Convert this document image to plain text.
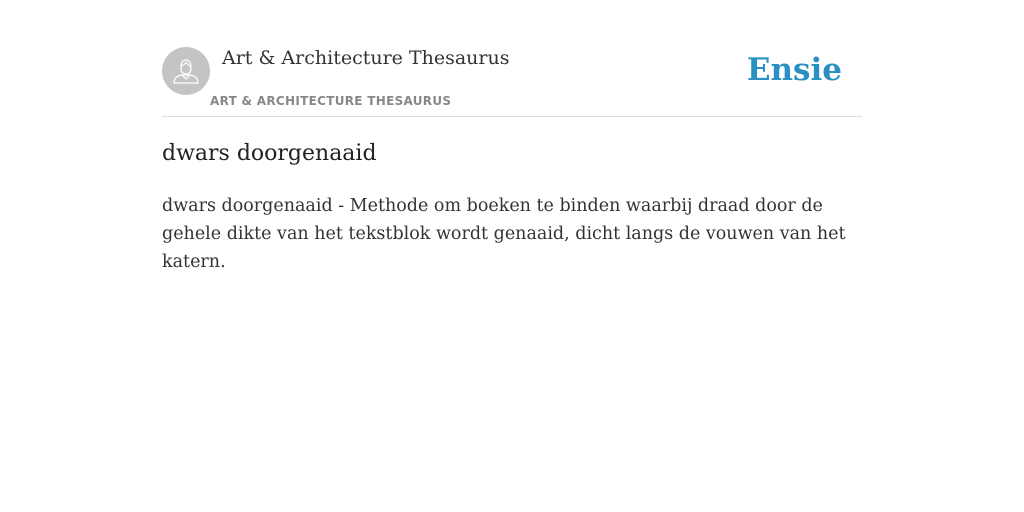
Art & Architecture Thesaurus
ART & ARCHITECTURE THESAURUS
Ensie
dwars doorgenaaid

dwars doorgenaaid - Methode om boeken te binden waarbij draad door de gehele dikte van het tekstblok wordt genaaid, dicht langs de vouwen van het katern.
